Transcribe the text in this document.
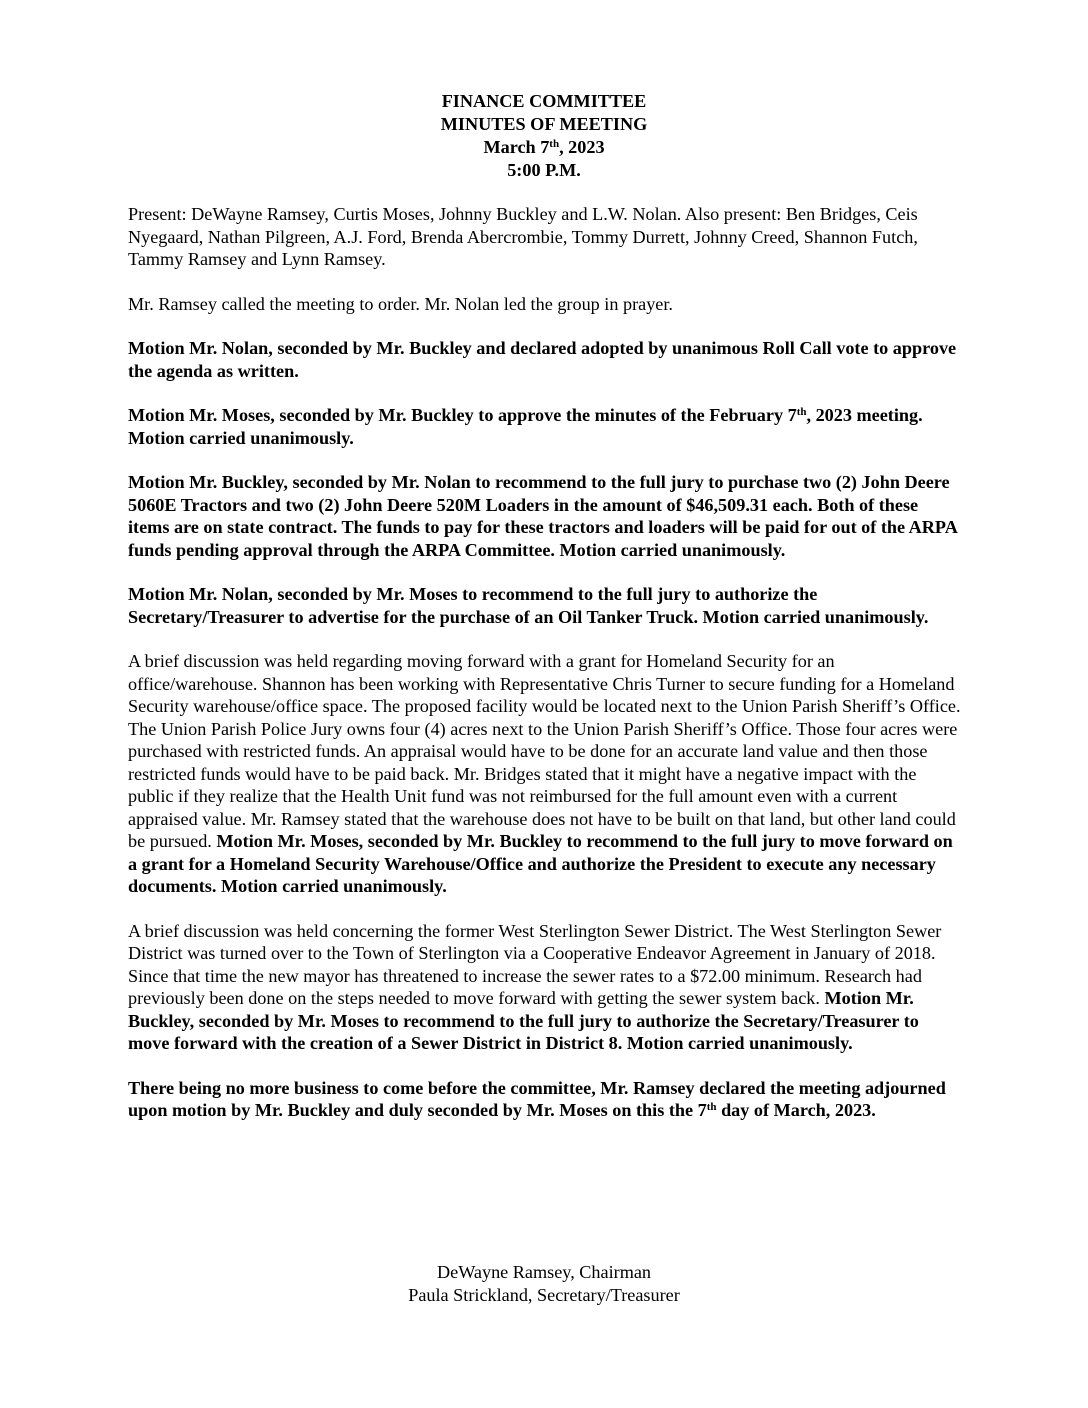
FINANCE COMMITTEE
MINUTES OF MEETING
March 7th, 2023
5:00 P.M.

Present: DeWayne Ramsey, Curtis Moses, Johnny Buckley and L.W. Nolan. Also present: Ben Bridges, Ceis Nyegaard, Nathan Pilgreen, A.J. Ford, Brenda Abercrombie, Tommy Durrett, Johnny Creed, Shannon Futch, Tammy Ramsey and Lynn Ramsey.

Mr. Ramsey called the meeting to order. Mr. Nolan led the group in prayer.

Motion Mr. Nolan, seconded by Mr. Buckley and declared adopted by unanimous Roll Call vote to approve the agenda as written.

Motion Mr. Moses, seconded by Mr. Buckley to approve the minutes of the February 7th, 2023 meeting. Motion carried unanimously.

Motion Mr. Buckley, seconded by Mr. Nolan to recommend to the full jury to purchase two (2) John Deere 5060E Tractors and two (2) John Deere 520M Loaders in the amount of $46,509.31 each. Both of these items are on state contract. The funds to pay for these tractors and loaders will be paid for out of the ARPA funds pending approval through the ARPA Committee. Motion carried unanimously.

Motion Mr. Nolan, seconded by Mr. Moses to recommend to the full jury to authorize the Secretary/Treasurer to advertise for the purchase of an Oil Tanker Truck. Motion carried unanimously.

A brief discussion was held regarding moving forward with a grant for Homeland Security for an office/warehouse. Shannon has been working with Representative Chris Turner to secure funding for a Homeland Security warehouse/office space. The proposed facility would be located next to the Union Parish Sheriff’s Office. The Union Parish Police Jury owns four (4) acres next to the Union Parish Sheriff’s Office. Those four acres were purchased with restricted funds. An appraisal would have to be done for an accurate land value and then those restricted funds would have to be paid back. Mr. Bridges stated that it might have a negative impact with the public if they realize that the Health Unit fund was not reimbursed for the full amount even with a current appraised value. Mr. Ramsey stated that the warehouse does not have to be built on that land, but other land could be pursued. Motion Mr. Moses, seconded by Mr. Buckley to recommend to the full jury to move forward on a grant for a Homeland Security Warehouse/Office and authorize the President to execute any necessary documents. Motion carried unanimously.

A brief discussion was held concerning the former West Sterlington Sewer District. The West Sterlington Sewer District was turned over to the Town of Sterlington via a Cooperative Endeavor Agreement in January of 2018. Since that time the new mayor has threatened to increase the sewer rates to a $72.00 minimum. Research had previously been done on the steps needed to move forward with getting the sewer system back. Motion Mr. Buckley, seconded by Mr. Moses to recommend to the full jury to authorize the Secretary/Treasurer to move forward with the creation of a Sewer District in District 8. Motion carried unanimously.

There being no more business to come before the committee, Mr. Ramsey declared the meeting adjourned upon motion by Mr. Buckley and duly seconded by Mr. Moses on this the 7th day of March, 2023.

DeWayne Ramsey, Chairman
Paula Strickland, Secretary/Treasurer
